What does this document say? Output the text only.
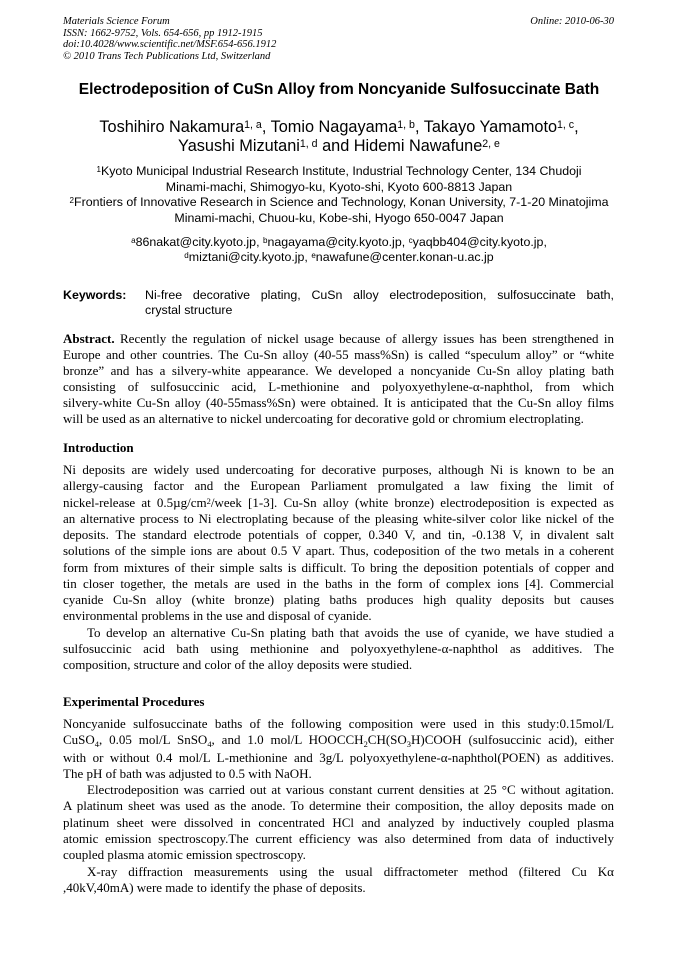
Materials Science Forum
ISSN: 1662-9752, Vols. 654-656, pp 1912-1915
doi:10.4028/www.scientific.net/MSF.654-656.1912
© 2010 Trans Tech Publications Ltd, Switzerland
Online: 2010-06-30
Electrodeposition of CuSn Alloy from Noncyanide Sulfosuccinate Bath
Toshihiro Nakamura$^{1, a}$, Tomio Nagayama$^{1, b}$, Takayo Yamamoto$^{1, c}$,
Yasushi Mizutani$^{1, d}$ and Hidemi Nawafune$^{2, e}$
$^1$Kyoto Municipal Industrial Research Institute, Industrial Technology Center, 134 Chudoji
Minami-machi, Shimogyo-ku, Kyoto-shi, Kyoto 600-8813 Japan
$^2$Frontiers of Innovative Research in Science and Technology, Konan University, 7-1-20 Minatojima
Minami-machi, Chuou-ku, Kobe-shi, Hyogo 650-0047 Japan
$^a$86nakat@city.kyoto.jp, $^b$nagayama@city.kyoto.jp, $^c$yaqbb404@city.kyoto.jp,
$^d$miztani@city.kyoto.jp, $^e$nawafune@center.konan-u.ac.jp
Keywords: Ni-free decorative plating, CuSn alloy electrodeposition, sulfosuccinate bath,
crystal structure
Abstract. Recently the regulation of nickel usage because of allergy issues has been strengthened in
Europe and other countries. The Cu-Sn alloy (40-55 mass%Sn) is called “speculum alloy” or “white
bronze” and has a silvery-white appearance. We developed a noncyanide Cu-Sn alloy plating bath
consisting of sulfosuccinic acid, L-methionine and polyoxyethylene-α-naphthol, from which
silvery-white Cu-Sn alloy (40-55mass%Sn) were obtained. It is anticipated that the Cu-Sn alloy films
will be used as an alternative to nickel undercoating for decorative gold or chromium electroplating.
Introduction
Ni deposits are widely used undercoating for decorative purposes, although Ni is known to be an
allergy-causing factor and the European Parliament promulgated a law fixing the limit of
nickel-release at $0.5\mu g/cm^2$/week [1-3]. Cu-Sn alloy (white bronze) electrodeposition is expected as
an alternative process to Ni electroplating because of the pleasing white-silver color like nickel of the
deposits. The standard electrode potentials of copper, 0.340 V, and tin, -0.138 V, in divalent salt
solutions of the simple ions are about 0.5 V apart. Thus, codeposition of the two metals in a coherent
form from mixtures of their simple salts is difficult. To bring the deposition potentials of copper and
tin closer together, the metals are used in the baths in the form of complex ions [4]. Commercial
cyanide Cu-Sn alloy (white bronze) plating baths produces high quality deposits but causes
environmental problems in the use and disposal of cyanide.
To develop an alternative Cu-Sn plating bath that avoids the use of cyanide, we have studied a
sulfosuccinic acid bath using methionine and polyoxyethylene-α-naphthol as additives. The
composition, structure and color of the alloy deposits were studied.
Experimental Procedures
Noncyanide sulfosuccinate baths of the following composition were used in this study:0.15mol/L
CuSO$_4$, 0.05 mol/L SnSO$_4$, and 1.0 mol/L $HOOCCH_2CH(SO_3H)COOH$ (sulfosuccinic acid), either
with or without 0.4 mol/L L-methionine and 3g/L polyoxyethylene-α-naphthol(POEN) as additives.
The pH of bath was adjusted to 0.5 with NaOH.
Electrodeposition was carried out at various constant current densities at 25 °C without agitation.
A platinum sheet was used as the anode. To determine their composition, the alloy deposits made on
platinum sheet were dissolved in concentrated HCl and analyzed by inductively coupled plasma
atomic emission spectroscopy.The current efficiency was also determined from data of inductively
coupled plasma atomic emission spectroscopy.
X-ray diffraction measurements using the usual diffractometer method (filtered Cu Kα
,40kV,40mA) were made to identify the phase of deposits.
